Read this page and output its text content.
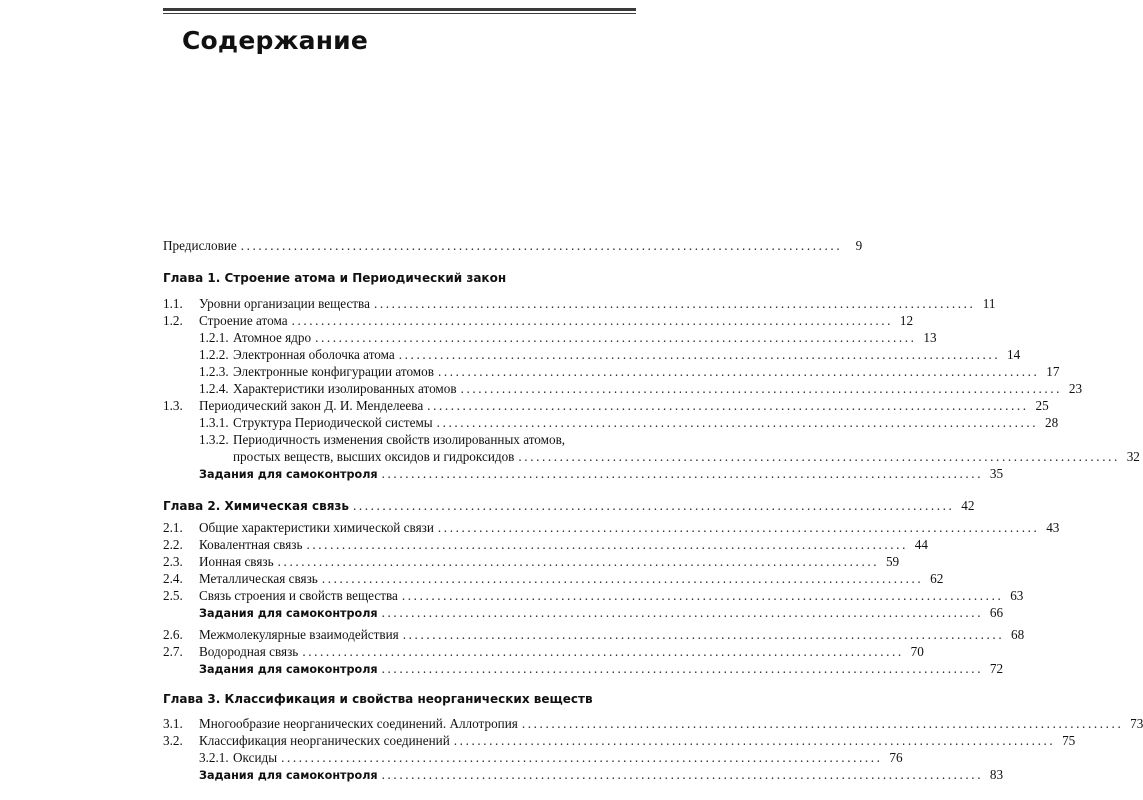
Содержание
Предисловие ......................................................................................................	9
Глава 1. Строение атома и Периодический закон
1.1.	Уровни организации вещества ...................................................................................................... 11
1.2.	Строение атома ...................................................................................................... 12
1.2.1. Атомное ядро ...................................................................................................... 13
1.2.2. Электронная оболочка атома ...................................................................................................... 14
1.2.3. Электронные конфигурации атомов ...................................................................................................... 17
1.2.4. Характеристики изолированных атомов ...................................................................................................... 23
1.3.	Периодический закон Д. И. Менделеева ...................................................................................................... 25
1.3.1. Структура Периодической системы ...................................................................................................... 28
1.3.2. Периодичность изменения свойств изолированных атомов,
простых веществ, высших оксидов и гидроксидов ...................................................................................................... 32
Задания для самоконтроля ...................................................................................................... 35
Глава 2. Химическая связь ...................................................................................................... 42
2.1.	Общие характеристики химической связи ...................................................................................................... 43
2.2.	Ковалентная связь ...................................................................................................... 44
2.3.	Ионная связь ...................................................................................................... 59
2.4.	Металлическая связь ...................................................................................................... 62
2.5.	Связь строения и свойств вещества ...................................................................................................... 63
Задания для самоконтроля ...................................................................................................... 66
2.6.	Межмолекулярные взаимодействия ...................................................................................................... 68
2.7.	Водородная связь ...................................................................................................... 70
Задания для самоконтроля ...................................................................................................... 72
Глава 3. Классификация и свойства неорганических веществ
3.1.	Многообразие неорганических соединений. Аллотропия ...................................................................................................... 73
3.2.	Классификация неорганических соединений ...................................................................................................... 75
3.2.1. Оксиды ...................................................................................................... 76
Задания для самоконтроля ...................................................................................................... 83
